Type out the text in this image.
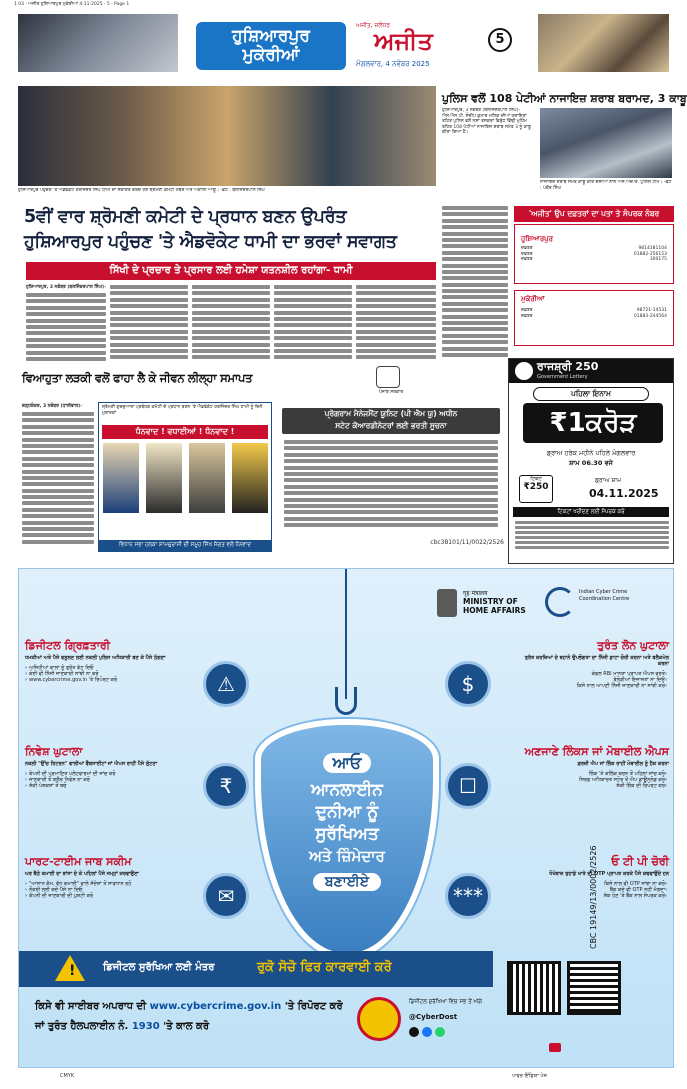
1 03 · ਅਜੀਤ ਹੁਸ਼ਿਆਰਪੁਰ ਮੁਕੇਰੀਆਂ 4-11-2025 · 5 · Page 1
ਹੁਸ਼ਿਆਰਪੁਰ
ਮੁਕੇਰੀਆਂ
ਅਜੀਤ, ਜਲੰਧਰ
ਅਜੀਤ
ਮੰਗਲਵਾਰ, 4 ਨਵੰਬਰ 2025
5
ਹੁਸ਼ਿਆਰਪੁਰ ਪਹੁੰਚਣ 'ਤੇ ਐਡਵੋਕੇਟ ਹਰਜਿੰਦਰ ਸਿੰਘ ਧਾਮੀ ਦਾ ਸਵਾਗਤ ਕਰਦੇ ਹੋਏ ਸ਼੍ਰੋਮਣੀ ਕਮੇਟੀ ਮੈਂਬਰ ਅਤੇ ਅਕਾਲੀ ਆਗੂ। -ਫ਼ੋਟੋ : ਬਲਜਿੰਦਰਪਾਲ ਸਿੰਘ
ਪੁਲਿਸ ਵਲੋਂ 108 ਪੇਟੀਆਂ ਨਾਜਾਇਜ਼ ਸ਼ਰਾਬ ਬਰਾਮਦ, 3 ਕਾਬੂ
ਹੁਸ਼ਿਆਰਪੁਰ, 3 ਨਵੰਬਰ (ਬਲਜਿੰਦਰਪਾਲ ਸਿੰਘ)- ਐਸ.ਐਸ.ਪੀ. ਸੰਦੀਪ ਕੁਮਾਰ ਮਲਿਕ ਦੀਆਂ ਹਦਾਇਤਾਂ ਤਹਿਤ ਪੁਲਿਸ ਵਲੋਂ ਨਸ਼ਾ ਤਸਕਰਾਂ ਵਿਰੁੱਧ ਵਿੱਢੀ ਮੁਹਿੰਮ ਤਹਿਤ 108 ਪੇਟੀਆਂ ਨਾਜਾਇਜ਼ ਸ਼ਰਾਬ ਸਮੇਤ 3 ਨੂੰ ਕਾਬੂ ਕੀਤਾ ਗਿਆ ਹੈ।
ਨਾਜਾਇਜ਼ ਸ਼ਰਾਬ ਸਮੇਤ ਕਾਬੂ ਕੀਤੇ ਦੋਸ਼ੀਆਂ ਨਾਲ ਐਸ.ਐਚ.ਓ. ਪੁਲਿਸ ਟੀਮ। -ਫ਼ੋਟੋ : ਪਕੌਰ ਸਿੰਘ
5ਵੀਂ ਵਾਰ ਸ਼੍ਰੋਮਣੀ ਕਮੇਟੀ ਦੇ ਪ੍ਰਧਾਨ ਬਣਨ ਉਪਰੰਤ
ਹੁਸ਼ਿਆਰਪੁਰ ਪਹੁੰਚਣ 'ਤੇ ਐਡਵੋਕੇਟ ਧਾਮੀ ਦਾ ਭਰਵਾਂ ਸਵਾਗਤ
ਸਿੱਖੀ ਦੇ ਪ੍ਰਚਾਰ ਤੇ ਪ੍ਰਸਾਰ ਲਈ ਹਮੇਸ਼ਾ ਯਤਨਸ਼ੀਲ ਰਹਾਂਗਾ- ਧਾਮੀ
ਹੁਸ਼ਿਆਰਪੁਰ, 3 ਨਵੰਬਰ (ਬਲਜਿੰਦਰਪਾਲ ਸਿੰਘ)-
'ਅਜੀਤ' ਉਪ ਦਫ਼ਤਰਾਂ ਦਾ ਪਤਾ ਤੇ ਸੰਪਰਕ ਨੰਬਰ
ਹੁਸ਼ਿਆਰਪੁਰ
ਦਫ਼ਤਰ	9814381104
ਦਫ਼ਤਰ	01882-256153
ਦਫ਼ਤਰ	300175
ਮੁਕੇਰੀਆਂ
ਦਫ਼ਤਰ	98721-14531
ਦਫ਼ਤਰ	01883-244564
ਵਿਆਹੁਤਾ ਲੜਕੀ ਵਲੋਂ ਫਾਹਾ ਲੈ ਕੇ ਜੀਵਨ ਲੀਲ੍ਹਾ ਸਮਾਪਤ
ਗੜ੍ਹਸ਼ੰਕਰ, 3 ਨਵੰਬਰ (ਧਾਲੀਵਾਲ)-	ਸ਼੍ਰੋਮਣੀ ਗੁਰਦੁਆਰਾ ਪ੍ਰਬੰਧਕ ਕਮੇਟੀ ਦੇ ਪ੍ਰਧਾਨ ਬਣਨ 'ਤੇ ਐਡਵੋਕੇਟ ਹਰਜਿੰਦਰ ਸਿੰਘ ਧਾਮੀ ਨੂੰ ਦਿਲੋਂ ਮੁਬਾਰਕਾਂ
ਧੰਨਵਾਦ ! ਵਧਾਈਆਂ ! ਧੰਨਵਾਦ !
ਵਿਧਾਨ ਸਭਾ ਹਲਕਾ ਸ਼ਾਮਚੁਰਾਸੀ ਦੀ ਸਮੂਹ ਸਿੱਖ ਸੰਗਤ ਵਲੋਂ ਧੰਨਵਾਦ
ਪੰਜਾਬ ਸਰਕਾਰ
ਪ੍ਰੋਗਰਾਮ ਮੈਨੇਜਮੈਂਟ ਯੂਨਿਟ (ਪੀ ਐਮ ਯੂ) ਅਧੀਨ
ਸਟੇਟ ਕੋਆਰਡੀਨੇਟਰਾਂ ਲਈ ਭਰਤੀ ਸੂਚਨਾ
cbc38101/11/0022/2526
ਰਾਜਸ਼੍ਰੀ 250
Government Lottery
ਪਹਿਲਾ ਇਨਾਮ
₹1ਕਰੋੜ
ਡ੍ਰਾਅ ਹਰੇਕ ਮਹੀਨੇ ਪਹਿਲੇ ਮੰਗਲਵਾਰ
ਸ਼ਾਮ 06.30 ਵਜੇ
ਟਿਕਟ
₹250
ਡ੍ਰਾਅ ਸ਼ਾਮ
04.11.2025
ਟਿਕਟਾਂ ਖਰੀਦਣ ਲਈ ਸੰਪਰਕ ਕਰੋ
गृह मंत्रालय
MINISTRY OF HOME AFFAIRS
Indian Cyber Crime Coordination Centre
ਆਓ
ਆਨਲਾਈਨ
ਦੁਨੀਆ ਨੂੰ
ਸੁਰੱਖਿਅਤ
ਅਤੇ ਜ਼ਿੰਮੇਦਾਰ
ਬਣਾਈਏ
ਡਿਜੀਟਲ ਗ੍ਰਿਫ਼ਤਾਰੀ
ਧਮਕੀਆਂ ਅਤੇ ਪੈਸੇ ਵਸੂਲਣ ਲਈ ਨਕਲੀ ਪੁਲਿਸ ਅਧਿਕਾਰੀ ਬਣ ਕੇ ਪੈਸੇ ਠੱਗਣਾ
› ਅਜਿਹੀਆਂ ਕਾਲਾਂ ਨੂੰ ਤੁਰੰਤ ਕੱਟ ਦਿਓ
› ਕੋਈ ਵੀ ਨਿੱਜੀ ਜਾਣਕਾਰੀ ਸਾਂਝੀ ਨਾ ਕਰੋ
› www.cybercrime.gov.in 'ਤੇ ਰਿਪੋਰਟ ਕਰੋ	⚠
ਨਿਵੇਸ਼ ਘੁਟਾਲਾ
ਨਕਲੀ "ਉੱਚ ਰਿਟਰਨ" ਵਾਲੀਆਂ ਵੈੱਬਸਾਈਟਾਂ ਜਾਂ ਐਪਸ ਰਾਹੀਂ ਪੈਸੇ ਲੁੱਟਣਾ
› ਕੰਪਨੀ ਦੀ ਪ੍ਰਮਾਣਿਤ ਪਲੇਟਫਾਰਮਾਂ ਦੀ ਜਾਂਚ ਕਰੋ
› ਜਾਣਕਾਰੀ ਤੋਂ ਬਗ਼ੈਰ ਨਿਵੇਸ਼ ਨਾ ਕਰੋ
› ਸ਼ੱਕੀ ਪੇਸ਼ਕਸ਼ਾਂ ਤੋਂ ਬਚੋ	₹
ਪਾਰਟ-ਟਾਈਮ ਜਾਬ ਸਕੀਮ
ਘਰ ਬੈਠੇ ਕਮਾਈ ਦਾ ਝਾਂਸਾ ਦੇ ਕੇ ਪਹਿਲਾਂ ਪੈਸੇ ਜਮ੍ਹਾਂ ਕਰਵਾਉਣਾ
› "ਆਸਾਨ ਕੰਮ, ਵੱਧ ਕਮਾਈ" ਵਾਲੇ ਸੰਦੇਸ਼ਾਂ ਤੋਂ ਸਾਵਧਾਨ ਰਹੋ
› ਨੌਕਰੀ ਲਈ ਕਦੇ ਪੈਸੇ ਨਾ ਦਿਓ
› ਕੰਪਨੀ ਦੀ ਜਾਣਕਾਰੀ ਦੀ ਪੁਸ਼ਟੀ ਕਰੋ	✉
ਤੁਰੰਤ ਲੋਨ ਘੁਟਾਲਾ
ਤੁਰੰਤ ਕਰਜ਼ਿਆਂ ਦੇ ਬਹਾਨੇ ਉਪਭੋਗਤਾ ਦਾ ਨਿੱਜੀ ਡਾਟਾ ਚੋਰੀ ਕਰਨਾ ਅਤੇ ਬਲੈਕਮੇਲ ਕਰਨਾ
ਕੇਵਲ RBI ਮਾਨਤਾ ਪ੍ਰਾਪਤ ਐਪਸ ਵਰਤੋ‹
ਬੇਲੋੜੀਆਂ ਇਜਾਜ਼ਤਾਂ ਨਾ ਦਿਓ‹
ਕਿਸੇ ਨਾਲ ਆਪਣੀ ਨਿੱਜੀ ਜਾਣਕਾਰੀ ਨਾ ਸਾਂਝੀ ਕਰੋ‹
$
ਅਣਜਾਣੇ ਲਿੰਕਸ ਜਾਂ ਮੋਬਾਈਲ ਐਪਸ
ਫ਼ਰਜ਼ੀ ਐਪ ਜਾਂ ਲਿੰਕ ਰਾਹੀਂ ਮੋਬਾਈਲ ਨੂੰ ਹੈਕ ਕਰਨਾ
ਲਿੰਕ 'ਤੇ ਕਲਿੱਕ ਕਰਨ ਤੋਂ ਪਹਿਲਾਂ ਜਾਂਚ ਕਰੋ‹
ਸਿਰਫ਼ ਅਧਿਕਾਰਤ ਸਟੋਰ ਤੋਂ ਐਪ ਡਾਊਨਲੋਡ ਕਰੋ‹
ਸ਼ੱਕੀ ਲਿੰਕ ਦੀ ਰਿਪੋਰਟ ਕਰੋ‹
☐
ਓ ਟੀ ਪੀ ਚੋਰੀ
ਧੋਖੇਬਾਜ਼ ਤੁਹਾਡੇ ਖਾਤੇ ਦੀ OTP ਪ੍ਰਾਪਤ ਕਰਕੇ ਪੈਸੇ ਕਢਵਾਉਂਦੇ ਹਨ
ਕਿਸੇ ਨਾਲ ਵੀ OTP ਸਾਂਝਾ ਨਾ ਕਰੋ‹
ਬੈਂਕ ਕਦੇ ਵੀ OTP ਨਹੀਂ ਮੰਗਦਾ‹
ਸ਼ੱਕ ਹੋਣ 'ਤੇ ਬੈਂਕ ਨਾਲ ਸੰਪਰਕ ਕਰੋ‹
***	CBC 19149/13/0002/2526
!	ਡਿਜੀਟਲ ਸੁਰੱਖਿਆ ਲਈ ਮੰਤਰ	ਰੁਕੋ ਸੋਚੋ ਫਿਰ ਕਾਰਵਾਈ ਕਰੋ
ਕਿਸੇ ਵੀ ਸਾਈਬਰ ਅਪਰਾਧ ਦੀ www.cybercrime.gov.in 'ਤੇ ਰਿਪੋਰਟ ਕਰੋ
ਜਾਂ ਤੁਰੰਤ ਹੈਲਪਲਾਈਨ ਨੰ. 1930 'ਤੇ ਕਾਲ ਕਰੋ
ਡਿਜੀਟਲ ਸੁਰੱਖਿਆ ਵਿਚ ਸਭ ਤੋਂ ਅੱਗੇ
@CyberDost
CMYK	ਪਾਵਰ ਇੰਡਿਯਾ ਪੇਜ਼
